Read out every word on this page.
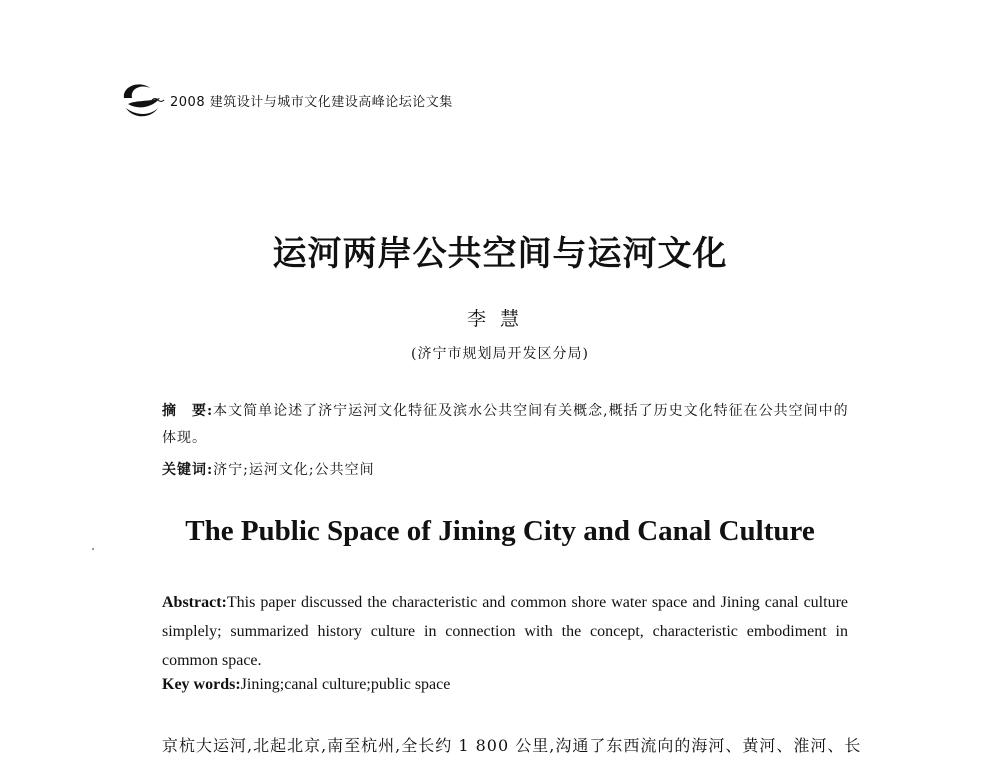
2008 建筑设计与城市文化建设高峰论坛论文集
运河两岸公共空间与运河文化
李慧
(济宁市规划局开发区分局)
摘　要:本文简单论述了济宁运河文化特征及滨水公共空间有关概念,概括了历史文化特征在公共空间中的体现。
关键词:济宁;运河文化;公共空间
The Public Space of Jining City and Canal Culture
Abstract:This paper discussed the characteristic and common shore water space and Jining canal culture simplely; summarized history culture in connection with the concept, characteristic embodiment in common space.
Key words:Jining;canal culture;public space
京杭大运河,北起北京,南至杭州,全长约 1 800 公里,沟通了东西流向的海河、黄河、淮河、长
